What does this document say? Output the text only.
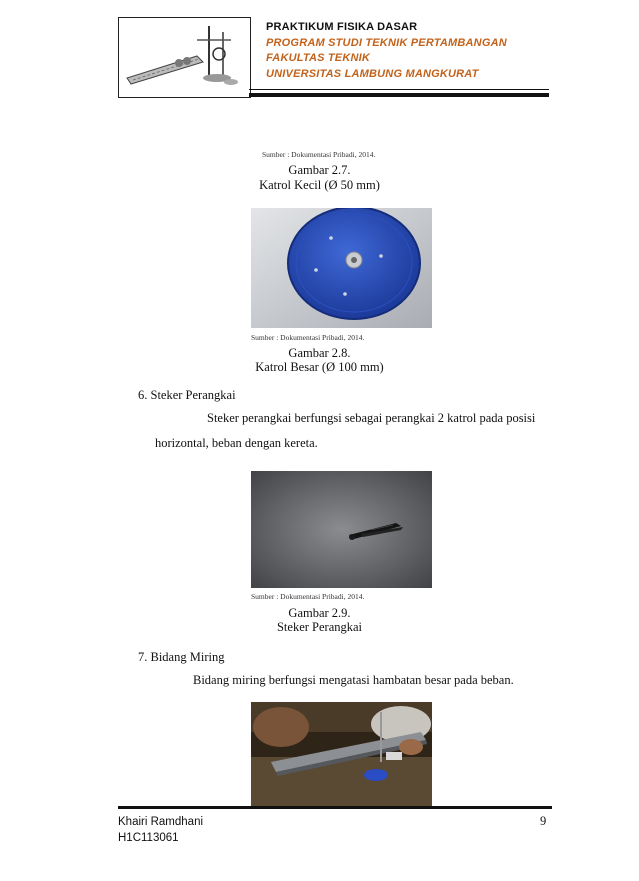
PRAKTIKUM FISIKA DASAR
PROGRAM STUDI TEKNIK PERTAMBANGAN
FAKULTAS TEKNIK
UNIVERSITAS LAMBUNG MANGKURAT
Sumber : Dokumentasi Pribadi, 2014.
Gambar 2.7.
Katrol Kecil (Ø 50 mm)
Sumber : Dokumentasi Pribadi, 2014.
Gambar 2.8.
Katrol Besar (Ø 100 mm)
6. Steker Perangkai
Steker perangkai berfungsi sebagai perangkai 2 katrol pada posisi
horizontal, beban dengan kereta.
Sumber : Dokumentasi Pribadi, 2014.
Gambar 2.9.
Steker Perangkai
7. Bidang Miring
Bidang miring berfungsi mengatasi hambatan besar pada beban.
Khairi Ramdhani
H1C113061
9
